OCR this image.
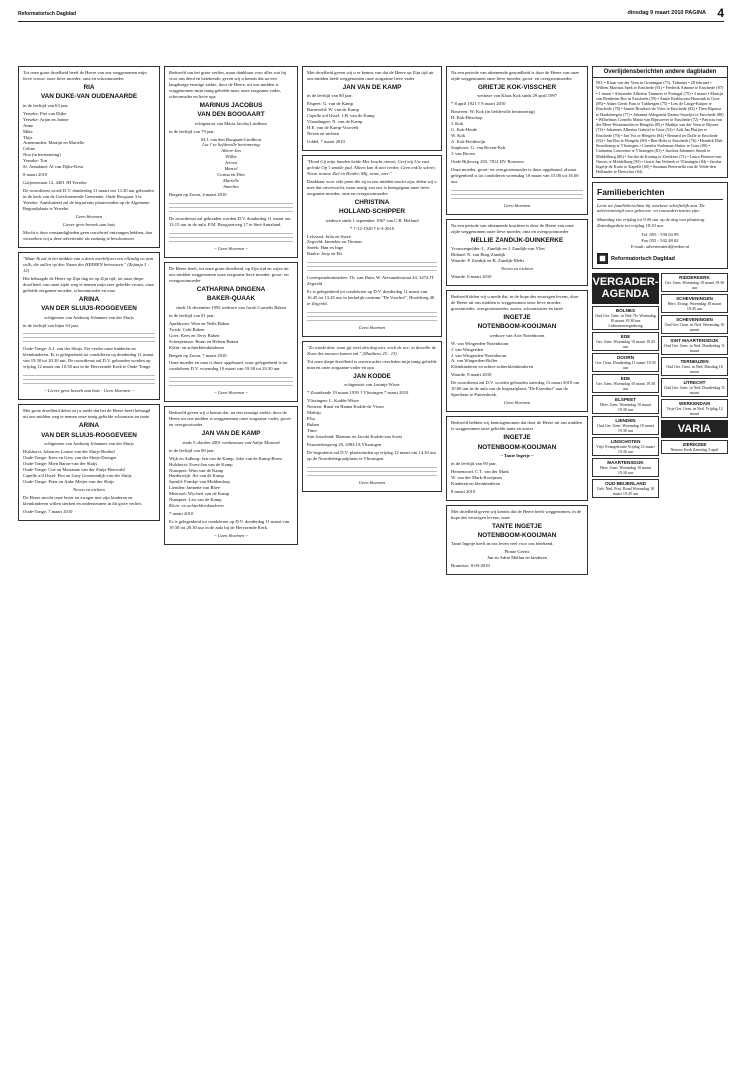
Reformatorisch Dagblad	dinsdag 9 maart 2010 PAGINA 4

Tot onze grote droefheid heeft de Heere van ons weggenomen mijn lieve vrouw, onze lieve moeder, oma en schoonmoeder

RIA
VAN DIJKE-VAN OUDENAARDE

in de leeftijd van 63 jaar.

Yerseke: Piet van Dijke
Yerseke: Arjan en Janine
Anne
Mike
Thijs
Arnemuiden: Martijn en Marielle
Celine
Noa (in herinnering)
Yerseke: Ton
St. Annaland: Al van Dijke-Keur

8 maart 2010

Galjoenstraat 12, 4401 JH Yerseke

De rouwdienst wordt D.V. donderdag 11 maart om 13.30 uur gehouden in de kerk van de Gereformeerde Gemeente, Oude Boogaart 3 te Yerseke. Aansluitend zal de begrafenis plaatsvinden op de Algemene Begraafplaats te Yerseke.

Geen bloemen

Liever geen bezoek aan huis

Mocht u door omstandigheden geen rouwbrief ontvangen hebben, dan verzoeken wij u deze advertentie als zodanig te beschouwen.

"Maar Ik zal in het midden van u doen overblijven een ellendig en arm volk; die zullen op den Naam des HEEREN betrouwen." (Zefanja 3 : 12)

Het behaagde de Heere op Zijn dag en op Zijn tijd, tot onze diepe droefheid, van onze zijde weg te nemen mijn zeer geliefde vrouw, onze geliefde zorgzame moeder, schoonmoeder en oma

ARINA
VAN DER SLUIJS-ROGGEVEEN

echtgenote van Anthonij Johannes van der Sluijs

in de leeftijd van bijna 63 jaar.

Oude-Tonge: A.J. van der Sluijs. Zie verder onze kinderen en kleinkinderen. Er is gelegenheid tot condoleren op donderdag 11 maart van 19.30 tot 20.30 uur. De rouwdienst zal D.V. gehouden worden op vrijdag 12 maart om 10.30 uur in de Hervormde Kerk te Oude-Tonge.

~ Liever geen bezoek aan huis - Geen bloemen ~

Met grote droefheid delen wij u mede dat het de Heere heeft behaagd uit ons midden weg te nemen onze innig geliefde schoonzus en tante

ARINA
VAN DER SLUIJS-ROGGEVEEN

echtgenote van Anthonij Johannes van der Sluijs

Hulshorst: Johan en Louise van der Sluijs-Bonhof
Oude-Tonge: Kees en Gery van der Sluijs-Dronger
Oude-Tonge: Mien Baron-van der Sluijs
Oude-Tonge: Coe en Marianne van der Sluijs-Bierwald
Capelle a/d IJssel: Piet en Leny Groenendijk-van der Sluijs
Oude-Tonge: Peter en Anke Meijer-van der Sluijs

Neven en nichten

De Heere mocht onze broer en zwager met zijn kinderen en kleinkinderen willen sterken en ondersteunen in dit grote verlies.

Oude-Tonge, 7 maart 2010

Bedroefd om het grote verlies, maar dankbaar voor alles wat hij voor ons deed en betekende, geven wij u kennis dat na een langdurige ernstige ziekte, door de Heere, uit ons midden is weggenomen mijn innig geliefde man, onze zorgzame vader, schoonvader en lieve opa

MARINUS JACOBUS
VAN DEN BOOGAART

echtgenoot van Maria Jacoba Lindhout

in de leeftijd van 79 jaar.

M.J. van den Boogaart-Lindhout
Lia † in liefdevolle herinnering
Albert-Jan
Willie
Jeroen
Marcel
Corina en Dies
Marielle
Annelies

Bergen op Zoom, 4 maart 2010

De rouwdienst zal gehouden worden D.V. donderdag 11 maart om 13.15 uur in de aula, F.M. Boogaartweg 17 te Sint-Annaland.

~ Geen bloemen ~

De Heere heeft, tot onze grote droefheid, op Zijn tijd en wijze uit ons midden weggenomen onze zorgzame lieve moeder, groot- en overgrootmoeder

CATHARINA DINGENA
BAKER-QUAAK

sinds 16 december 1992 weduwe van Jacob Cornelis Baken

in de leeftijd van 81 jaar.

Apeldoorn: Wim en Nella Baken
Twisk: Cobi Baken
Goes: Kees en Terry Baken
Scherpenisse: Bram en Heleen Baken
Klein- en achterkleinkinderen

Bergen op Zoom, 7 maart 2010

Onze moeder en oma is thuis opgebaard, waar gelegenheid is tot condoleren D.V. woensdag 10 maart van 19.30 tot 20.30 uur.

~ Geen bloemen ~

Bedroefd geven wij u kennis dat, na een ernstige ziekte, door de Heere uit ons midden is weggenomen onze zorgzame vader, groot- en overgrootvader

JAN VAN DE KAMP

sinds 5 oktober 2001 weduwnaar van Aaltje Mosterd

in de leeftijd van 80 jaar.

Wijk en Aalburg: Jan van de Kamp, Joke van de Kamp-Bouw
Hulshorst: Evert-Jan van de Kamp
Nunspeet: Wim van de Kamp
Harderwijk: Ari van de Kamp
Speuld: Frankje van Middendorp
Lienden: Jannette van Rhee
Meerssel: Wychert van de Kamp
Nunspeet: Leo van de Kamp
Klein- en achterkleinkinderen

7 maart 2010

Er is gelegenheid tot condoleren op D.V. donderdag 11 maart van 19.30 tot 20.30 uur in de aula bij de Hervormde Kerk.

~ Geen bloemen ~

Met droefheid geven wij u er kennis van dat de Heere op Zijn tijd uit ons midden heeft weggenomen onze zorgzame lieve vader

JAN VAN DE KAMP

in de leeftijd van 80 jaar.

Elspeet: G. van de Kamp
Barneveld: W. van de Kamp
Capelle a/d IJssel: J.H. van de Kamp
Vlaardingen: N. van de Kamp
H.E. van de Kamp-Voorvelt
Neven en nichten

Uddel, 7 maart 2010

"Houd Gij mijn handen beide Met kracht omvat; Geef mij Uw vast geleide Op 't smalle pad. Alleen kan ik niet verder, Geen enk'le schreï; Neem trouwe Ziel en Herder, Mij, arme, mee."

Dankbaar voor vele jaren die zij in ons midden mocht zijn, delen wij u mee dat onverwacht, maar rustig van ons is heengegaan onze lieve, zorgzame moeder, oma en overgrootmoeder

CHRISTINA
HOLLAND-SCHIPPER

weduwe sinds 1 september 1967 van C.B. Holland

* 7-12-1920 † 6-3-2010

Lelystad: Julia en Sytze
Zegveld: Jannekie en Thomas
Sneek: Han en Inge
Raalte: Joop en Els

Correspondentieadres: Th. van Duin, W. Alexanderstraat 44, 3474 JT Zegveld

Er is gelegenheid tot condoleren op D.V. donderdag 11 maart van 16.45 tot 13.45 uur in kerkelijk centrum "De Voorhof", Hoofdweg 40 te Zegveld.

Geen bloemen

"Zo waakt dan; want gij weet den dag niet, noch de ure, in dewelke de Zoon des mensen komen zal." (Mattheus 25 : 13)

Tot onze diepe droefheid is onverwachts overleden mijn innig geliefde man en onze zorgzame vader en opa

JAN KODDE

echtgenoot van Leuntje Wisse

* Zoutelande 19 maart 1939 † Vlissingen 7 maart 2010

Vlissingen: L. Kodde-Wisse
Neuzen: Rinaf en Hanna Kodde-de Visser
Mathijs
Elsa
Ruben
Timo
Sint Josseland: Marinus en Jacobi Kodde-van Soest

Pauwenbergweg 20, 4384 JA Vlissingen

De begrafenis zal D.V. plaatsvinden op vrijdag 12 maart om 14.30 uur op de Noorderbegraafplaats te Vlissingen.

Geen bloemen

Na een periode van afnemende gezondheid is door de Heere van onze zijde weggenomen onze lieve moeder, groot- en overgrootmoeder

GRIETJE KOK-VISSCHER

weduwe van Klaas Kok sinds 29 april 1997

* 8 april 1921 † 8 maart 2010

Bouveen: W. Kok (in liefdevolle herinnering)
H. Kok-Bitschop
J. Kok
G. Kok-Heide
W. Kok
A. Kok-Boldewijn
Staphorst: G. van Boven-Kok
J. van Boven

Oude Bijloweg 250, 7814 DV Bouveen

Onze moeder, groot- en overgrootmoeder is thuis opgebaard, alwaar gelegenheid is tot condoleren woensdag 10 maart van 15.00 tot 16.00 uur.

Geen bloemen

Na een periode van afnemende krachten is door de Heere van onze zijde weggenomen onze lieve moeder, oma en overgrootmoeder

NELLIE ZANDIJK-DUINKERKE

Vrouwenpolder: L. Zandijk en J. Zandijk-van Vliet
Biiland: N. van Burg-Zandijk
Waarde: P. Zandijk en B. Zandijk-Melis

Neven en nichten

Waarde, 6 maart 2010

Bedroefd delen wij u mede dat, in de hope des eeuwigen levens, door de Heere uit ons midden is weggenomen onze lieve moeder, grootmoeder, overgrootmoeder, zuster, schoonzuster en tante

INGETJE
NOTENBOOM-KOOIJMAN

weduwe van Arie Notenboom

W. van Wingerden-Notenboom
J. van Wingerden
J. van Wingerden-Notenboom
A. van Wingerden-Roller
Kleinkinderen en achter-achterkleinkinderen

Waarde, 8 maart 2010

De rouwdienst zal D.V. worden gehouden zaterdag 13 maart 2010 om 10.00 uur in de aula van de begraafplaats "De Essenhof" aan de Sportlaan te Puttershoek.

Geen bloemen

Bedroefd hebben wij kennisgenomen dat door de Heere uit ons midden is weggenomen onze geliefde tante en zuster

INGETJE
NOTENBOOM-KOOIJMAN

~ Tante Ingetje ~

in de leeftijd van 90 jaar.

Heinenoord: C.T. van der Mark
W. van der Mark-Kooijman
Kinderen en kleinkinderen

8 maart 2010

Met droefheid geven wij kennis dat de Heere heeft weggenomen, in de hope des eeuwigen levens, onze

TANTE INGETJE
NOTENBOOM-KOOIJMAN

Tante Ingetje heeft in ons leven veel voor ons betekend.

Plonie Geerts
Jan en Adrie Mallan en kinderen

Bruinisse, 8-03-2010

Overlijdensberichten andere dagbladen
NO. • Klaas van der Veen in Groningen (71). Tubantia • 28 februari • Willem Marinus Spek te Enschede (91) • Frederik Aimone te Enschede (87) • 1 maart • Alexander Albertus Timmers te Portugal (75) • 3 maart • Martijn van Bentheim Bos in Enschede (59) • Annie Kerkhoven-Haarsink te Goor (86) • Adam Gerrit Paas te Tubbergen (75) • Lies de Lange-Kuiper te Enschede (70) • Jannie Broekers-de Vries te Enschede (82) • Theo Ripassa te Haaksbergen (77) • Johanna Aldegonda Daams-Snoeijer te Enschede (88) • Wilhelmus Cornelis Maria van Rijnsoever te Enschede (72) • Patricia van der Meer-Wintermolen te Hengelo (85) • Mathijs van der Veen te Rijssen (74) • Johannes Albertus Gabriel te Goor (54) • Aalt Jan Pluijter te Enschede (70) • Jan Vos te Hengelo (84) • Bernard ter Dolle te Enschede (92) • Jan Bos te Hengelo (80) • Ben Hoks te Enschede (76) • Hendrik Dirk Strootkamp te Vlissingen • Cornelis Stoleman-Sluiter te Goes (90) • Catharina Louwense te Vlissingen (81) • Jacobus Johannes Snoek te Middelburg (86) • Jacoba de Koning te Zierikzee (71) • Laura Pieterse-van Onwes te Middelburg (93) • Gerrit Jan Verbeek te Vlissingen (84) • Jacoba Ingetje de Korte te Kapelle (60) • Susanna Pieternella van de Velde-den Hollander te Dreischor (64)
Familieberichten

Leest uw familieberichten bij voorkeur schriftelijk aan. De advertentietijd voor geboorte- en rouwadvertenties zijn:

Maandag t/m vrijdag tot 9.00 uur op de dag van plaatsing. Zaterdageditie tot vrijdag 18.30 uur.

Tel. 055 - 539 04 99

Fax 055 - 542 48 02

E-mail: advertentierd@erdee.nl

Reformatorisch Dagblad
VERGADER-
AGENDA
BOLNES
Oud Ger. Gem. in Ned. Nv Woensdag 10 maart 19.30 uur Lidmatenvergadering
EDE
Ger. Gem. Woensdag 10 maart 19.45 uur
DOORN
Ger. Gem. Donderdag 11 maart 19.30 uur
EDE
Ger. Gem. Woensdag 10 maart 19.30 uur
ELSPEET
Herv. Gem. Woensdag 10 maart 19.30 uur
LIENDEN
Oud Ger. Gem. Woensdag 10 maart 19.30 uur
LINSCHOTEN
Vrije Evangelisatie Vrijdag 12 maart 19.30 uur
MAARTENSDIJK
Herv. Gem. Woensdag 10 maart 19.30 uur
OUD-BEIJERLAND
Geb. Ned. Prot. Bond Woensdag 10 maart 19.45 uur
RIDDERKERK
Ger. Gem. Woensdag 10 maart 19.30 uur
SCHEVENINGEN
Herv. Evang. Woensdag 10 maart 19.45 uur
SCHEVENINGEN
Oud Ger. Gem. in Ned. Woensdag 10 maart
SINT MAARTENSDIJK
Oud Ger. Gem. in Ned. Donderdag 11 maart
TERNEUZEN
Oud Ger. Gem. in Ned. Dinsdag 16 maart
UTRECHT
Oud Ger. Gem. in Ned. Donderdag 11 maart
WERKENDAM
Vrije Ger. Gem. in Ned. Vrijdag 12 maart
VARIA
ZIERIKZEE
Nieuwe Kerk Zaterdag 3 april
